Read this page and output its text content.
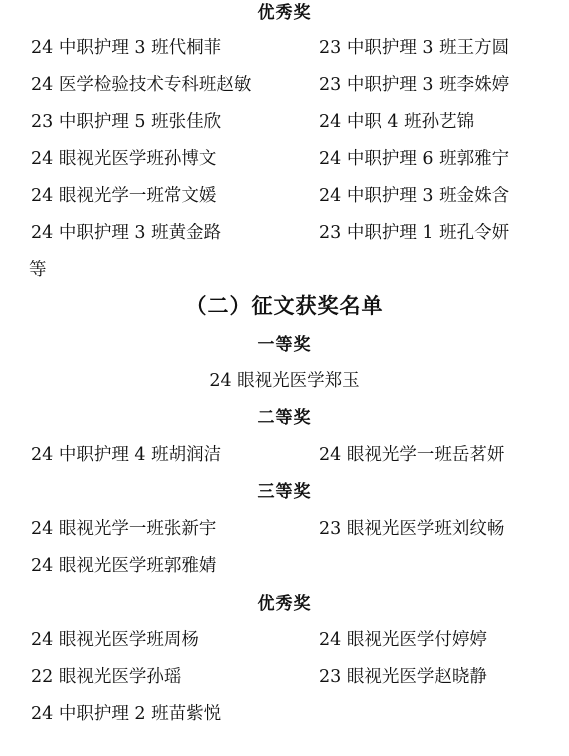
优秀奖
24 中职护理 3 班代桐菲	23 中职护理 3 班王方圆
24 医学检验技术专科班赵敏	23 中职护理 3 班李姝婷
23 中职护理 5 班张佳欣	24 中职 4 班孙艺锦
24 眼视光医学班孙博文	24 中职护理 6 班郭雅宁
24 眼视光学一班常文媛	24 中职护理 3 班金姝含
24 中职护理 3 班黄金路	23 中职护理 1 班孔令妍
等
（二）征文获奖名单
一等奖
24 眼视光医学郑玉
二等奖
24 中职护理 4 班胡润洁	24 眼视光学一班岳茗妍
三等奖
24 眼视光学一班张新宇	23 眼视光医学班刘纹畅
24 眼视光医学班郭雅婧
优秀奖
24 眼视光医学班周杨	24 眼视光医学付婷婷
22 眼视光医学孙瑶	23 眼视光医学赵晓静
24 中职护理 2 班苗紫悦
